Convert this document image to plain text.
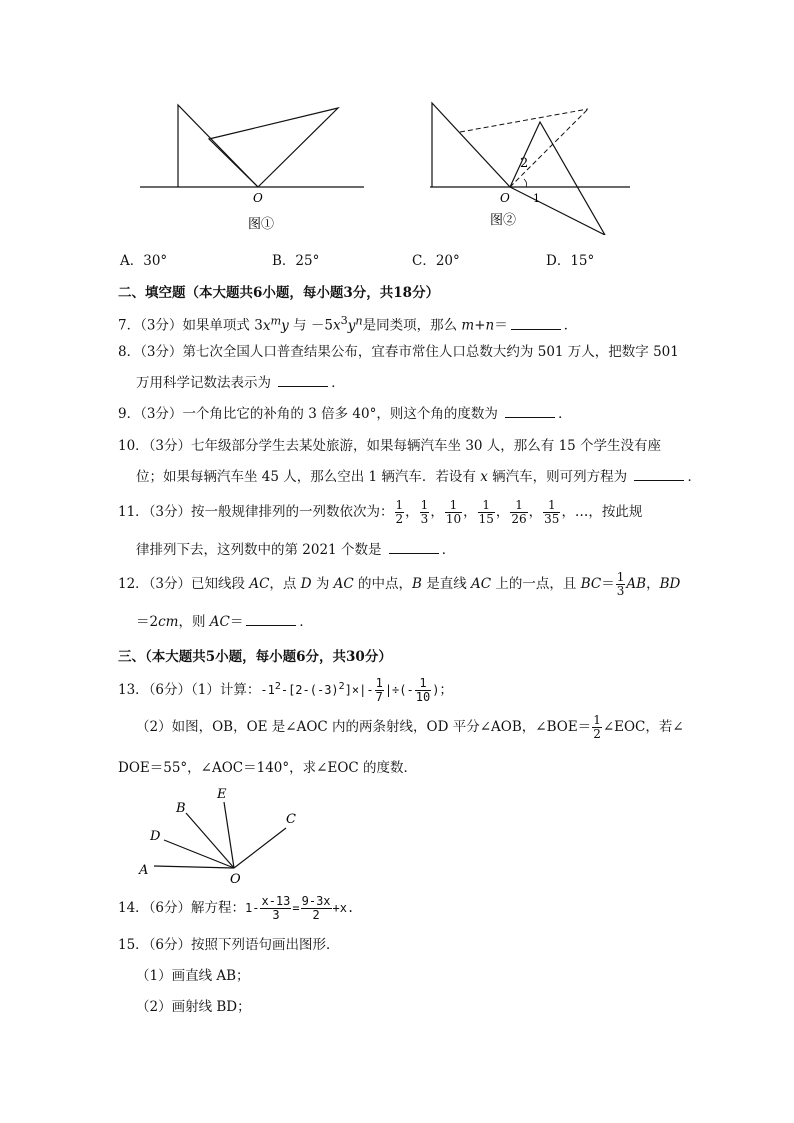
O
图①
2
1
O
图②
A．30°	B．25°	C．20°	D．15°
二、填空题（本大题共6小题，每小题3分，共18分）
7．（3分）如果单项式 $3x^my$ 与 $-5x^3y^n$是同类项，那么 m+n＝	．
8．（3分）第七次全国人口普查结果公布，宜春市常住人口总数大约为 501 万人，把数字 501
万用科学记数法表示为	．
9．（3分）一个角比它的补角的 3 倍多 40°，则这个角的度数为	．
10．（3分）七年级部分学生去某处旅游，如果每辆汽车坐 30 人，那么有 15 个学生没有座
位；如果每辆汽车坐 45 人，那么空出 1 辆汽车．若设有 x 辆汽车，则可列方程为	．
11．（3分）按一般规律排列的一列数依次为： $\frac{1}{2}$ ， $\frac{1}{3}$ ， $\frac{1}{10}$ ， $\frac{1}{15}$ ， $\frac{1}{26}$ ， $\frac{1}{35}$ ，…，按此规
律排列下去，这列数中的第 2021 个数是	．
12．（3分）已知线段 AC，点 D 为 AC 的中点，B 是直线 AC 上的一点，且 $BC= \frac{1}{3}$ AB，BD
＝2cm，则 AC＝	．
三、（本大题共5小题，每小题6分，共30分）
13．（6分）（1）计算：$-1^2-[2-(-3)^2]\times|- \frac{1}{7}$ |÷(- $\frac{1}{10}$ )；
（2）如图，OB，OE 是∠AOC 内的两条射线，OD 平分∠AOB，∠BOE＝ $\frac{1}{2}$ ∠EOC，若∠
DOE＝55°，∠AOC＝140°，求∠EOC 的度数．
A
D
B
E
C
O
14．（6分）解方程：$1- \frac{x-13}{3} = \frac{9-3x}{2} +x$.
15．（6分）按照下列语句画出图形．
（1）画直线 AB；
（2）画射线 BD；
